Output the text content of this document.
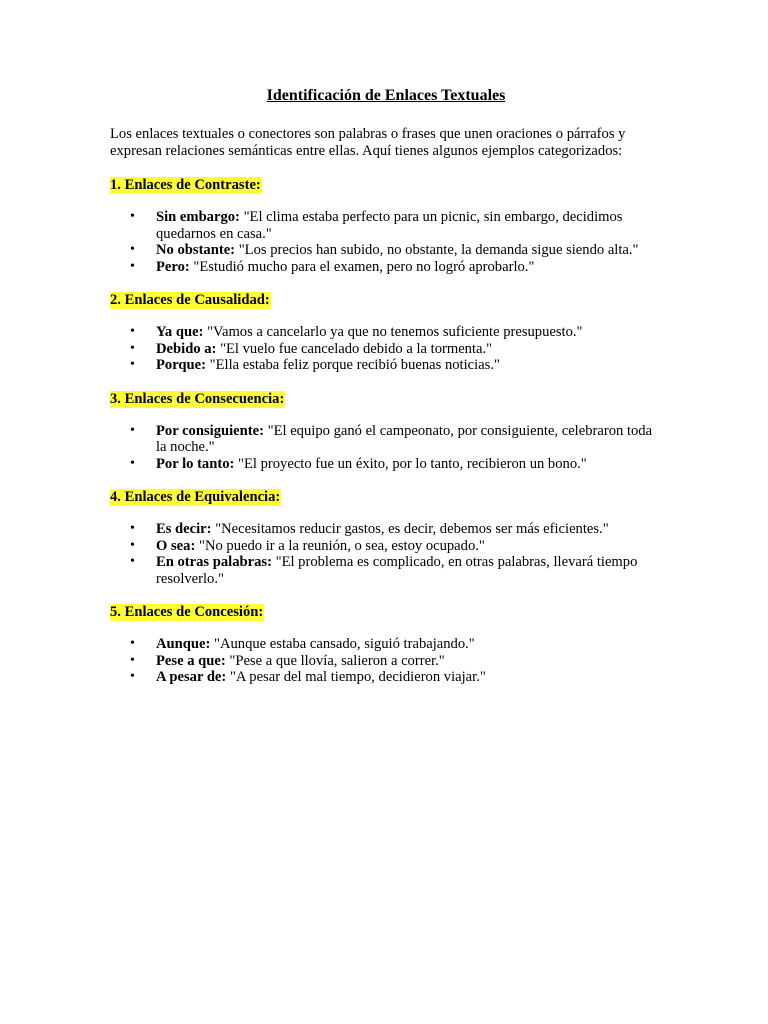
Identificación de Enlaces Textuales

Los enlaces textuales o conectores son palabras o frases que unen oraciones o párrafos y expresan relaciones semánticas entre ellas. Aquí tienes algunos ejemplos categorizados:

1. Enlaces de Contraste:
• Sin embargo: "El clima estaba perfecto para un picnic, sin embargo, decidimos quedarnos en casa."
• No obstante: "Los precios han subido, no obstante, la demanda sigue siendo alta."
• Pero: "Estudió mucho para el examen, pero no logró aprobarlo."
2. Enlaces de Causalidad:
• Ya que: "Vamos a cancelarlo ya que no tenemos suficiente presupuesto."
• Debido a: "El vuelo fue cancelado debido a la tormenta."
• Porque: "Ella estaba feliz porque recibió buenas noticias."
3. Enlaces de Consecuencia:
• Por consiguiente: "El equipo ganó el campeonato, por consiguiente, celebraron toda la noche."
• Por lo tanto: "El proyecto fue un éxito, por lo tanto, recibieron un bono."
4. Enlaces de Equivalencia:
• Es decir: "Necesitamos reducir gastos, es decir, debemos ser más eficientes."
• O sea: "No puedo ir a la reunión, o sea, estoy ocupado."
• En otras palabras: "El problema es complicado, en otras palabras, llevará tiempo resolverlo."
5. Enlaces de Concesión:
• Aunque: "Aunque estaba cansado, siguió trabajando."
• Pese a que: "Pese a que llovía, salieron a correr."
• A pesar de: "A pesar del mal tiempo, decidieron viajar."
